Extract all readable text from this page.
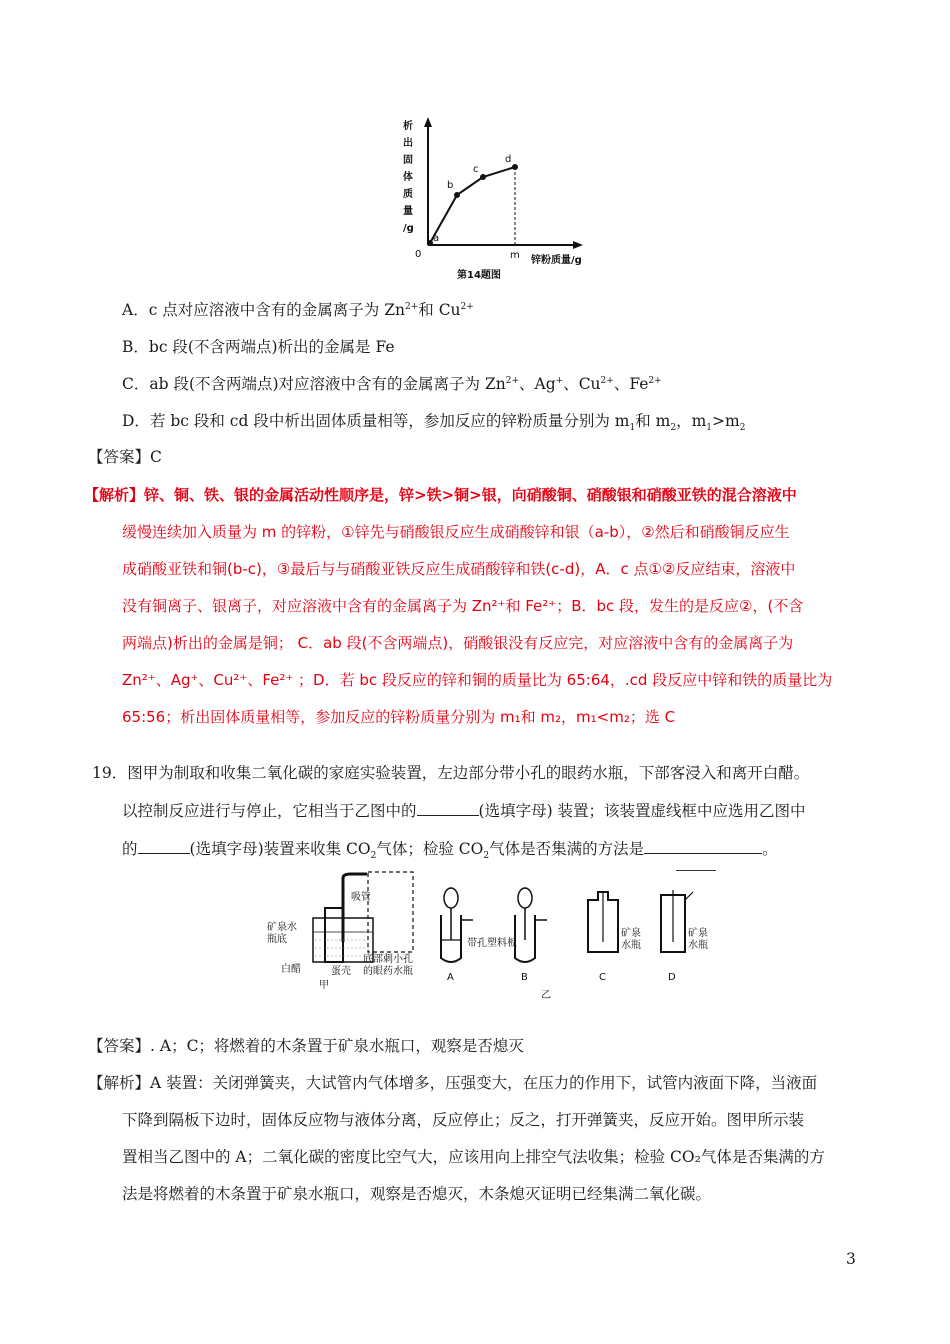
析
出
固
体
质
量
/g
a
b
c
d
0	m 锌粉质量/g
第14题图
A．c 点对应溶液中含有的金属离子为 $Zn^{2+}$和 $Cu^{2+}$
B．bc 段(不含两端点)析出的金属是 Fe
C．ab 段(不含两端点)对应溶液中含有的金属离子为 $Zn^{2+}$、Ag+、$Cu^{2+}$、$Fe^{2+}$
D．若 bc 段和 cd 段中析出固体质量相等，参加反应的锌粉质量分别为 $m_1$和 $m_2$，$m_1>m_2$
【答案】C
【解析】锌、铜、铁、银的金属活动性顺序是，锌>铁>铜>银，向硝酸铜、硝酸银和硝酸亚铁的混合溶液中
缓慢连续加入质量为 m 的锌粉，①锌先与硝酸银反应生成硝酸锌和银（a-b），②然后和硝酸铜反应生
成硝酸亚铁和铜(b-c)，③最后与与硝酸亚铁反应生成硝酸锌和铁(c-d)，A．c 点①②反应结束，溶液中
没有铜离子、银离子，对应溶液中含有的金属离子为 Zn²⁺和 Fe²⁺；B．bc 段，发生的是反应②，(不含
两端点)析出的金属是铜； C．ab 段(不含两端点)，硝酸银没有反应完，对应溶液中含有的金属离子为
Zn²⁺、Ag⁺、Cu²⁺、Fe²⁺ ；D．若 bc 段反应的锌和铜的质量比为 65:64，.cd 段反应中锌和铁的质量比为
65:56；析出固体质量相等，参加反应的锌粉质量分别为 m₁和 m₂，m₁<m₂；选 C
19．图甲为制取和收集二氧化碳的家庭实验装置，左边部分带小孔的眼药水瓶，下部客浸入和离开白醋。
以控制反应进行与停止，它相当于乙图中的	(选填字母) 装置；该装置虚线框中应选用乙图中
的	(选填字母)装置来收集 $CO_2$气体；检验 $CO_2$气体是否集满的方法是	。
吸管
矿泉水
瓶底
白醋	蛋壳
底部刺小孔
的眼药水瓶
甲
带孔塑料板
A	B
矿泉
水瓶
C
矿泉
水瓶
D
乙
【答案】. A；C；将燃着的木条置于矿泉水瓶口，观察是否熄灭
【解析】A 装置：关闭弹簧夹，大试管内气体增多，压强变大，在压力的作用下，试管内液面下降，当液面
下降到隔板下边时，固体反应物与液体分离，反应停止；反之，打开弹簧夹，反应开始。图甲所示装
置相当乙图中的 A；二氧化碳的密度比空气大，应该用向上排空气法收集；检验 CO₂气体是否集满的方
法是将燃着的木条置于矿泉水瓶口，观察是否熄灭，木条熄灭证明已经集满二氧化碳。
3
